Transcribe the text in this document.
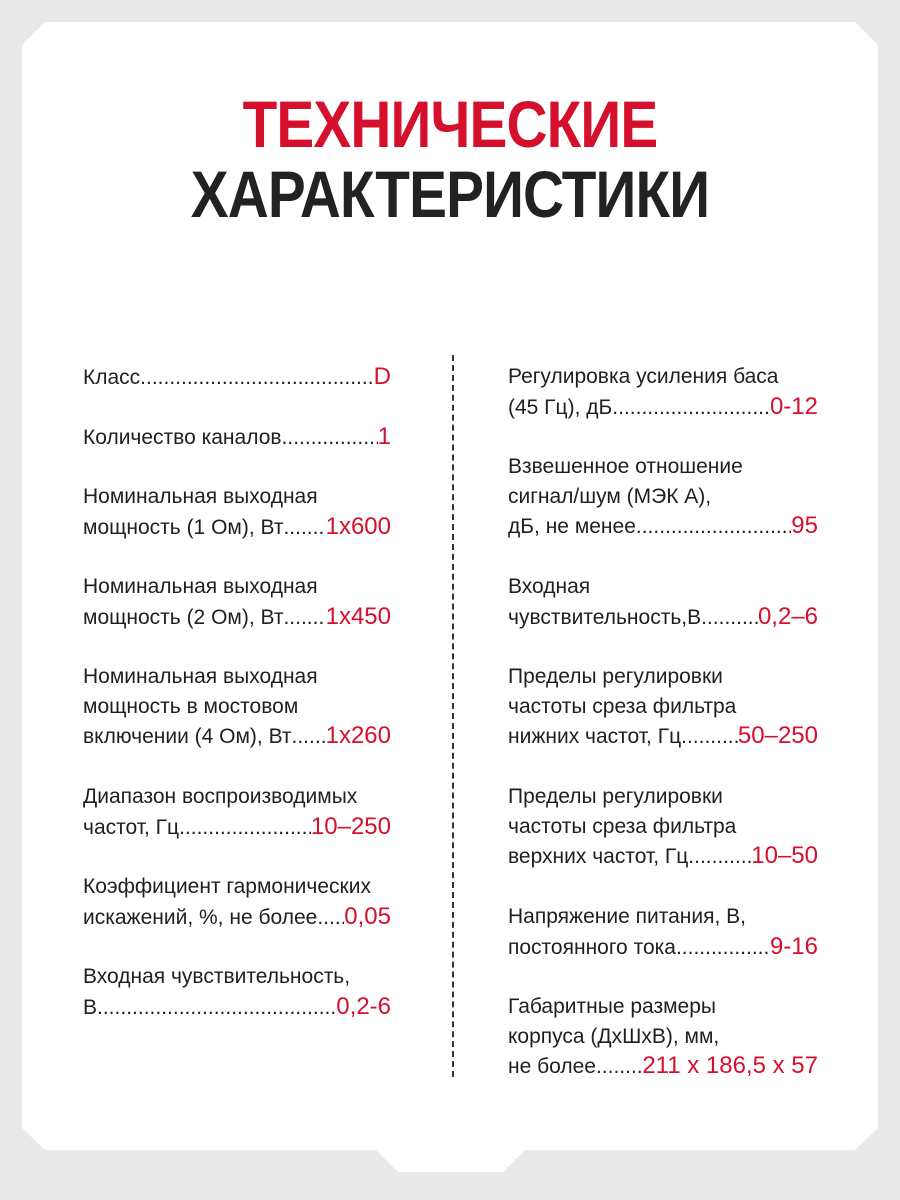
ТЕХНИЧЕСКИЕ
ХАРАКТЕРИСТИКИ
Класс .....	D
Количество каналов .....	1
Номинальная выходная
мощность (1 Ом), Вт ..... 1x600
Номинальная выходная
мощность (2 Ом), Вт ..... 1x450
Номинальная выходная
мощность в мостовом
включении (4 Ом), Вт ..... 1x260
Диапазон воспроизводимых
частот, Гц .....	10–250
Коэффициент гармонических
искажений, %, не более ..... 0,05
Входная чувствительность,
В .....	0,2-6
Регулировка усиления баса
(45 Гц), дБ .....	0-12
Взвешенное отношение
сигнал/шум (МЭК А),
дБ, не менее .....	95
Входная
чувствительность,В ..... 0,2–6
Пределы регулировки
частоты среза фильтра
нижних частот, Гц ..... 50–250
Пределы регулировки
частоты среза фильтра
верхних частот, Гц .....	10–50
Напряжение питания, В,
постоянного тока .....	9-16
Габаритные размеры
корпуса (ДхШхВ), мм,
не более ..... 211 x 186,5 x 57
